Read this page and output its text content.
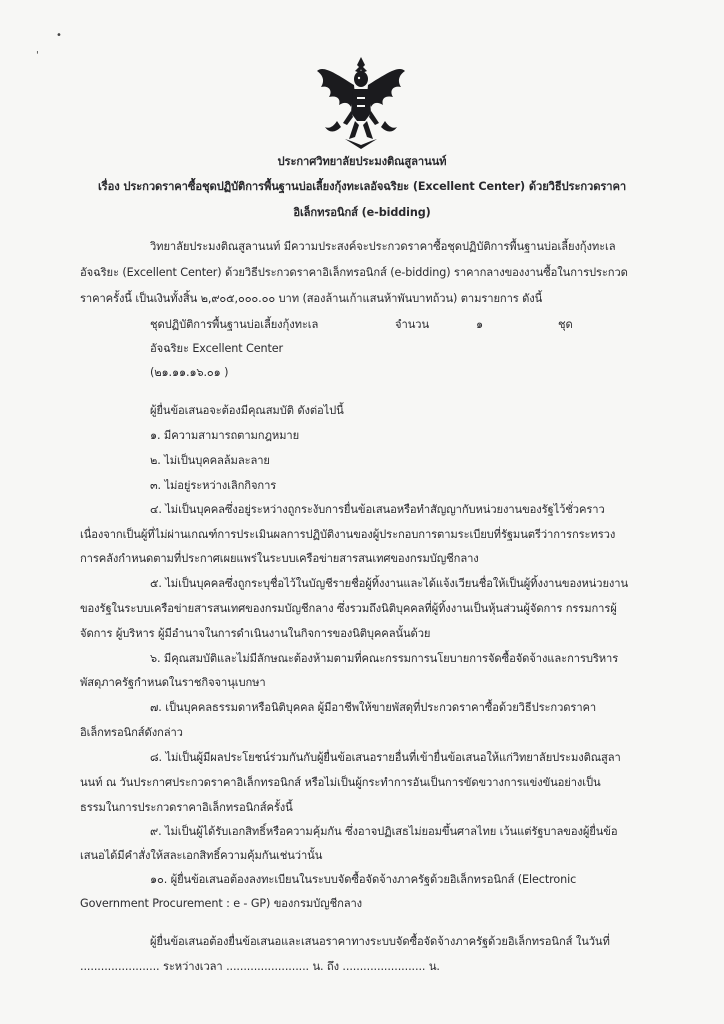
•
'
ประกาศวิทยาลัยประมงติณสูลานนท์
เรื่อง ประกวดราคาซื้อชุดปฏิบัติการพื้นฐานบ่อเลี้ยงกุ้งทะเลอัจฉริยะ (Excellent Center) ด้วยวิธีประกวดราคา
อิเล็กทรอนิกส์ (e-bidding)
วิทยาลัยประมงติณสูลานนท์ มีความประสงค์จะประกวดราคาซื้อชุดปฏิบัติการพื้นฐานบ่อเลี้ยงกุ้งทะเล
อัจฉริยะ (Excellent Center) ด้วยวิธีประกวดราคาอิเล็กทรอนิกส์ (e-bidding) ราคากลางของงานซื้อในการประกวด
ราคาครั้งนี้ เป็นเงินทั้งสิ้น ๒,๙๐๕,๐๐๐.๐๐ บาท (สองล้านเก้าแสนห้าพันบาทถ้วน) ตามรายการ ดังนี้
ชุดปฏิบัติการพื้นฐานบ่อเลี้ยงกุ้งทะเล	จำนวน	๑	ชุด
อัจฉริยะ Excellent Center
(๒๑.๑๑.๑๖.๐๑ )
ผู้ยื่นข้อเสนอจะต้องมีคุณสมบัติ ดังต่อไปนี้
๑. มีความสามารถตามกฎหมาย
๒. ไม่เป็นบุคคลล้มละลาย
๓. ไม่อยู่ระหว่างเลิกกิจการ
๔. ไม่เป็นบุคคลซึ่งอยู่ระหว่างถูกระงับการยื่นข้อเสนอหรือทำสัญญากับหน่วยงานของรัฐไว้ชั่วคราว
เนื่องจากเป็นผู้ที่ไม่ผ่านเกณฑ์การประเมินผลการปฏิบัติงานของผู้ประกอบการตามระเบียบที่รัฐมนตรีว่าการกระทรวง
การคลังกำหนดตามที่ประกาศเผยแพร่ในระบบเครือข่ายสารสนเทศของกรมบัญชีกลาง
๕. ไม่เป็นบุคคลซึ่งถูกระบุชื่อไว้ในบัญชีรายชื่อผู้ทิ้งงานและได้แจ้งเวียนชื่อให้เป็นผู้ทิ้งงานของหน่วยงาน
ของรัฐในระบบเครือข่ายสารสนเทศของกรมบัญชีกลาง ซึ่งรวมถึงนิติบุคคลที่ผู้ทิ้งงานเป็นหุ้นส่วนผู้จัดการ กรรมการผู้
จัดการ ผู้บริหาร ผู้มีอำนาจในการดำเนินงานในกิจการของนิติบุคคลนั้นด้วย
๖. มีคุณสมบัติและไม่มีลักษณะต้องห้ามตามที่คณะกรรมการนโยบายการจัดซื้อจัดจ้างและการบริหาร
พัสดุภาครัฐกำหนดในราชกิจจานุเบกษา
๗. เป็นบุคคลธรรมดาหรือนิติบุคคล ผู้มีอาชีพให้ขายพัสดุที่ประกวดราคาซื้อด้วยวิธีประกวดราคา
อิเล็กทรอนิกส์ดังกล่าว
๘. ไม่เป็นผู้มีผลประโยชน์ร่วมกันกับผู้ยื่นข้อเสนอรายอื่นที่เข้ายื่นข้อเสนอให้แก่วิทยาลัยประมงติณสูลา
นนท์ ณ วันประกาศประกวดราคาอิเล็กทรอนิกส์ หรือไม่เป็นผู้กระทำการอันเป็นการขัดขวางการแข่งขันอย่างเป็น
ธรรมในการประกวดราคาอิเล็กทรอนิกส์ครั้งนี้
๙. ไม่เป็นผู้ได้รับเอกสิทธิ์หรือความคุ้มกัน ซึ่งอาจปฏิเสธไม่ยอมขึ้นศาลไทย เว้นแต่รัฐบาลของผู้ยื่นข้อ
เสนอได้มีคำสั่งให้สละเอกสิทธิ์ความคุ้มกันเช่นว่านั้น
๑๐. ผู้ยื่นข้อเสนอต้องลงทะเบียนในระบบจัดซื้อจัดจ้างภาครัฐด้วยอิเล็กทรอนิกส์ (Electronic
Government Procurement : e - GP) ของกรมบัญชีกลาง
ผู้ยื่นข้อเสนอต้องยื่นข้อเสนอและเสนอราคาทางระบบจัดซื้อจัดจ้างภาครัฐด้วยอิเล็กทรอนิกส์ ในวันที่
....................... ระหว่างเวลา ........................ น. ถึง ........................ น.
